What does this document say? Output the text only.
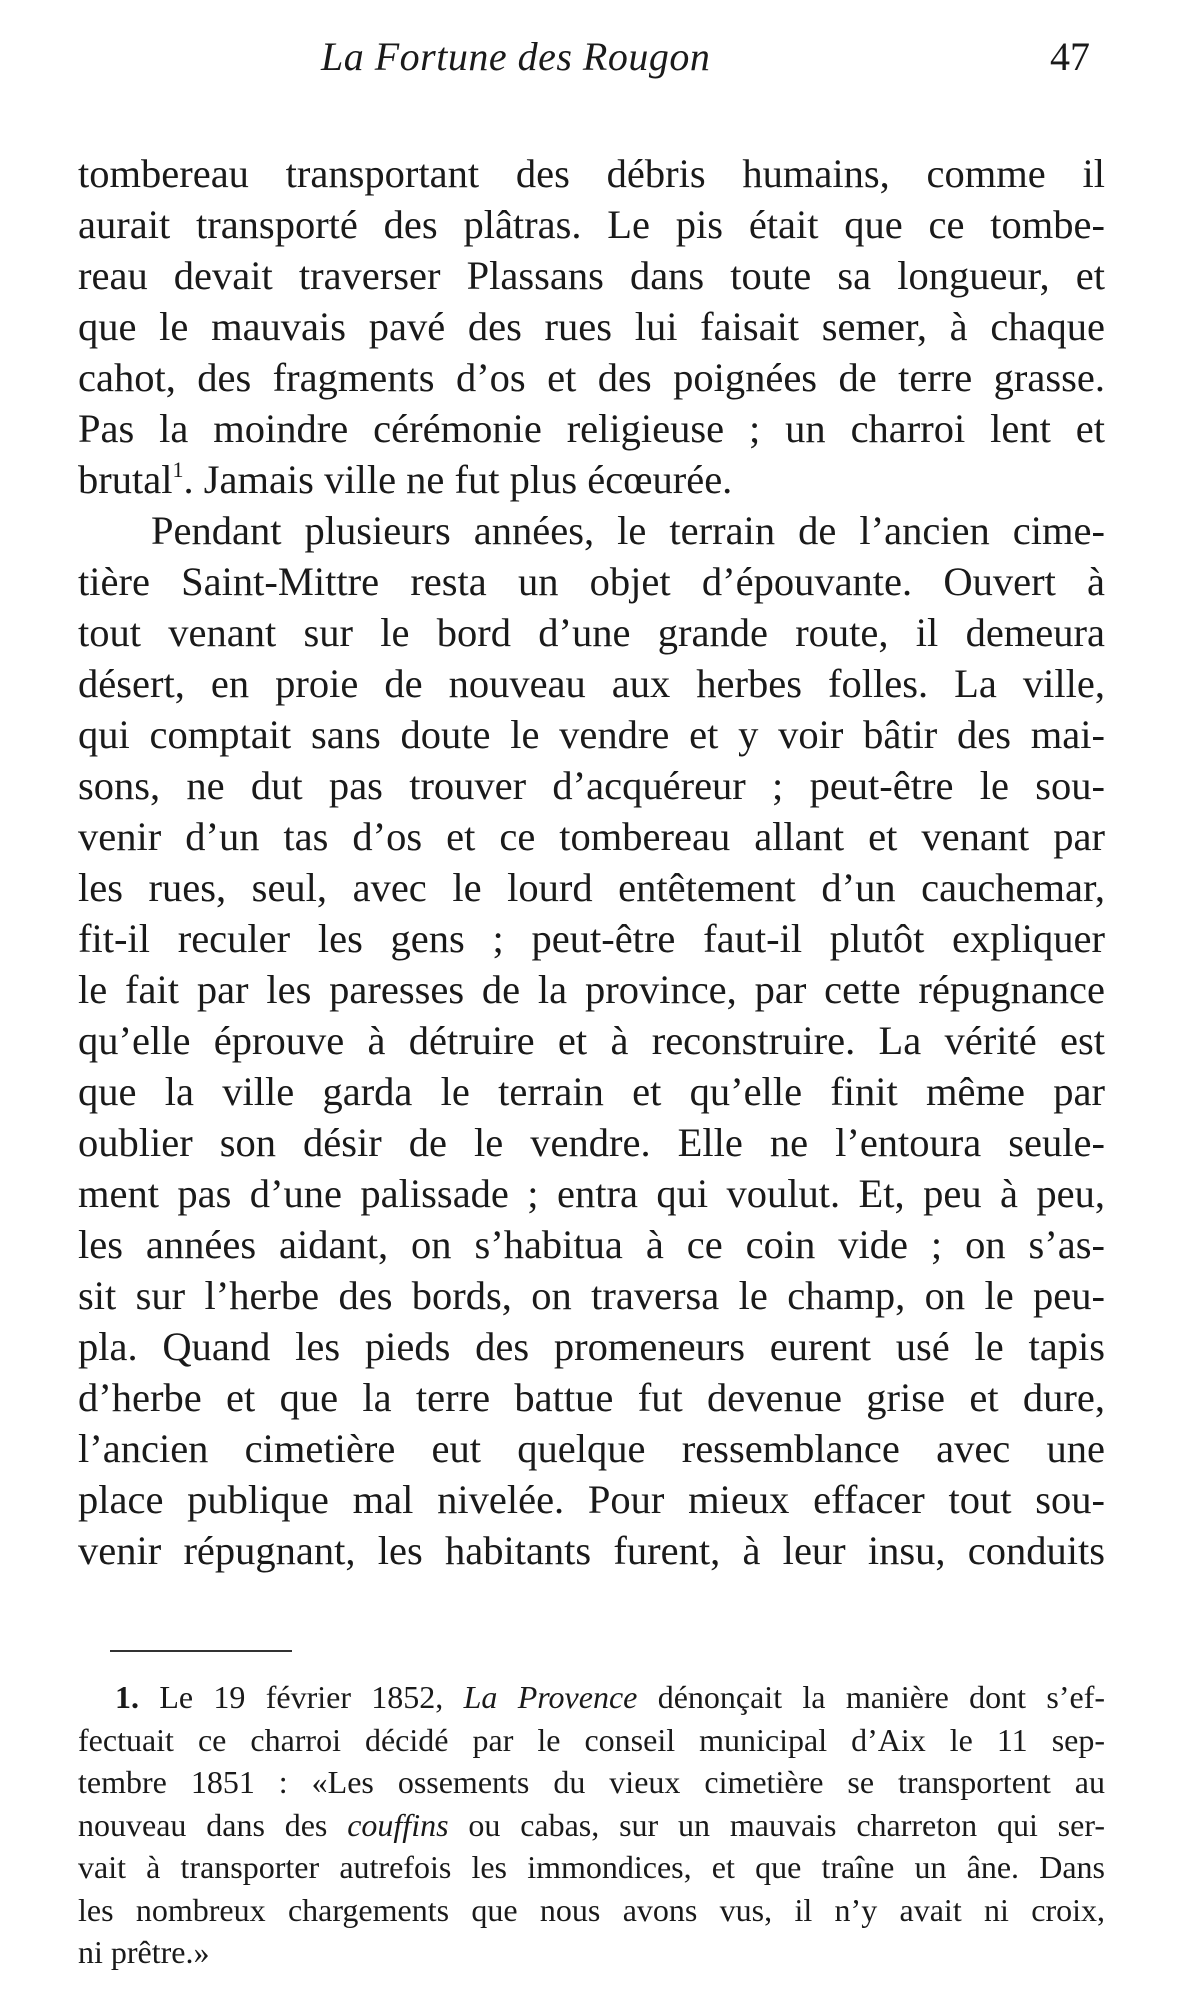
La Fortune des Rougon	47
tombereau transportant des débris humains, comme il
aurait transporté des plâtras. Le pis était que ce tombe-
reau devait traverser Plassans dans toute sa longueur, et
que le mauvais pavé des rues lui faisait semer, à chaque
cahot, des fragments d’os et des poignées de terre grasse.
Pas la moindre cérémonie religieuse ; un charroi lent et
brutal$^1$. Jamais ville ne fut plus écœurée.
Pendant plusieurs années, le terrain de l’ancien cime-
tière Saint-Mittre resta un objet d’épouvante. Ouvert à
tout venant sur le bord d’une grande route, il demeura
désert, en proie de nouveau aux herbes folles. La ville,
qui comptait sans doute le vendre et y voir bâtir des mai-
sons, ne dut pas trouver d’acquéreur ; peut-être le sou-
venir d’un tas d’os et ce tombereau allant et venant par
les rues, seul, avec le lourd entêtement d’un cauchemar,
fit-il reculer les gens ; peut-être faut-il plutôt expliquer
le fait par les paresses de la province, par cette répugnance
qu’elle éprouve à détruire et à reconstruire. La vérité est
que la ville garda le terrain et qu’elle finit même par
oublier son désir de le vendre. Elle ne l’entoura seule-
ment pas d’une palissade ; entra qui voulut. Et, peu à peu,
les années aidant, on s’habitua à ce coin vide ; on s’as-
sit sur l’herbe des bords, on traversa le champ, on le peu-
pla. Quand les pieds des promeneurs eurent usé le tapis
d’herbe et que la terre battue fut devenue grise et dure,
l’ancien cimetière eut quelque ressemblance avec une
place publique mal nivelée. Pour mieux effacer tout sou-
venir répugnant, les habitants furent, à leur insu, conduits
1. Le 19 février 1852, La Provence dénonçait la manière dont s’ef-
fectuait ce charroi décidé par le conseil municipal d’Aix le 11 sep-
tembre 1851 : «Les ossements du vieux cimetière se transportent au
nouveau dans des couffins ou cabas, sur un mauvais charreton qui ser-
vait à transporter autrefois les immondices, et que traîne un âne. Dans
les nombreux chargements que nous avons vus, il n’y avait ni croix,
ni prêtre.»
